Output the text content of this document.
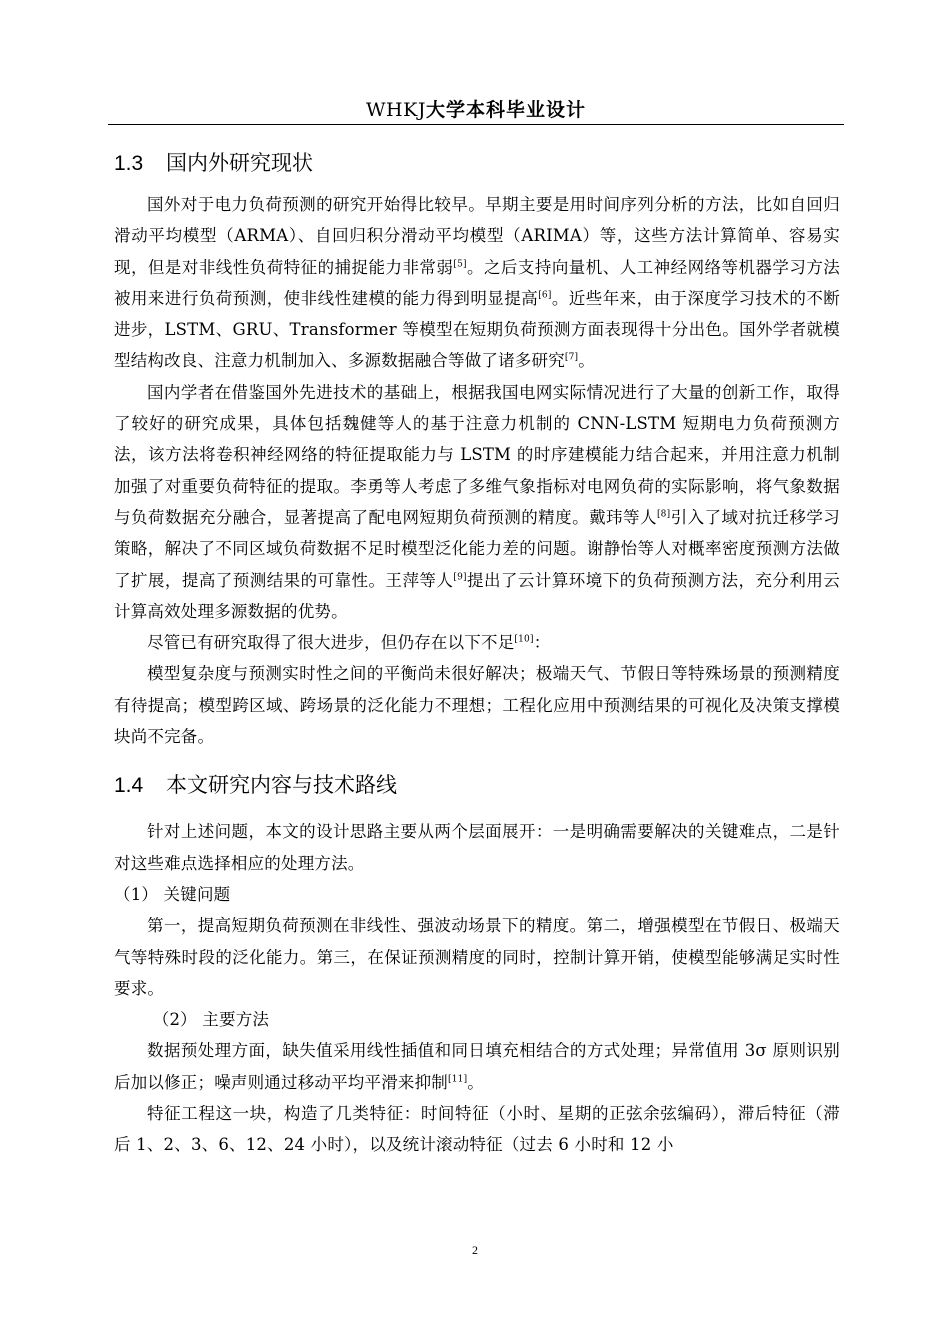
WHKJ大学本科毕业设计
1.3 国内外研究现状

国外对于电力负荷预测的研究开始得比较早。早期主要是用时间序列分析的方法，比如自回归滑动平均模型（ARMA）、自回归积分滑动平均模型（ARIMA）等，这些方法计算简单、容易实现，但是对非线性负荷特征的捕捉能力非常弱[5]。之后支持向量机、人工神经网络等机器学习方法被用来进行负荷预测，使非线性建模的能力得到明显提高[6]。近些年来，由于深度学习技术的不断进步，LSTM、GRU、Transformer 等模型在短期负荷预测方面表现得十分出色。国外学者就模型结构改良、注意力机制加入、多源数据融合等做了诸多研究[7]。

国内学者在借鉴国外先进技术的基础上，根据我国电网实际情况进行了大量的创新工作，取得了较好的研究成果，具体包括魏健等人的基于注意力机制的 CNN-LSTM 短期电力负荷预测方法，该方法将卷积神经网络的特征提取能力与 LSTM 的时序建模能力结合起来，并用注意力机制加强了对重要负荷特征的提取。李勇等人考虑了多维气象指标对电网负荷的实际影响，将气象数据与负荷数据充分融合，显著提高了配电网短期负荷预测的精度。戴玮等人[8]引入了域对抗迁移学习策略，解决了不同区域负荷数据不足时模型泛化能力差的问题。谢静怡等人对概率密度预测方法做了扩展，提高了预测结果的可靠性。王萍等人[9]提出了云计算环境下的负荷预测方法，充分利用云计算高效处理多源数据的优势。

尽管已有研究取得了很大进步，但仍存在以下不足[10]：

模型复杂度与预测实时性之间的平衡尚未很好解决；极端天气、节假日等特殊场景的预测精度有待提高；模型跨区域、跨场景的泛化能力不理想；工程化应用中预测结果的可视化及决策支撑模块尚不完备。

1.4 本文研究内容与技术路线

针对上述问题，本文的设计思路主要从两个层面展开：一是明确需要解决的关键难点，二是针对这些难点选择相应的处理方法。

（1） 关键问题

第一，提高短期负荷预测在非线性、强波动场景下的精度。第二，增强模型在节假日、极端天气等特殊时段的泛化能力。第三，在保证预测精度的同时，控制计算开销，使模型能够满足实时性要求。

（2） 主要方法

数据预处理方面，缺失值采用线性插值和同日填充相结合的方式处理；异常值用 3σ 原则识别后加以修正；噪声则通过移动平均平滑来抑制[11]。

特征工程这一块，构造了几类特征：时间特征（小时、星期的正弦余弦编码），滞后特征（滞后 1、2、3、6、12、24 小时），以及统计滚动特征（过去 6 小时和 12 小

2
